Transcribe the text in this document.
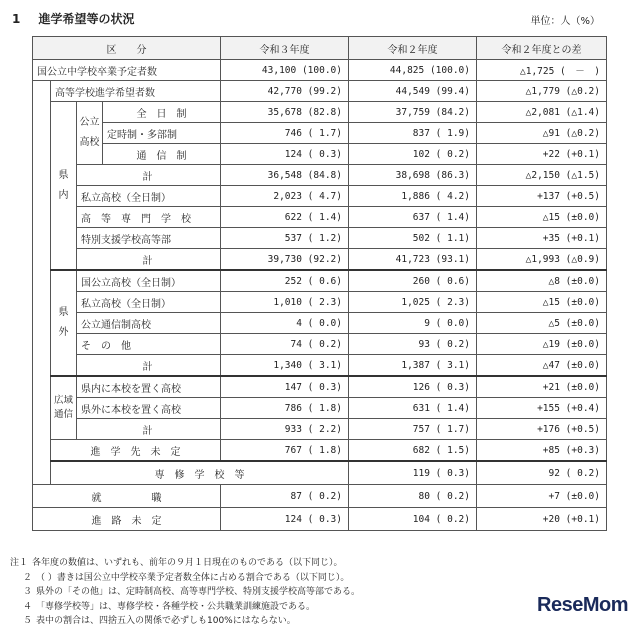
1 進学希望等の状況	単位：人（%）
区　　分				令和３年度	令和２年度	令和２年度との差	
国公立中学校卒業予定者数				43,100 (100.0)	44,825 (100.0)	△1,725 (　－　)	
	高等学校進学希望者数			42,770 (99.2)	44,549 (99.4)	△1,779 (△0.2)	
	県　　内	公立高校	全　日　制	35,678 (82.8)	37,759 (84.2)	△2,081 (△1.4)	
			定時制・多部制	746 ( 1.7)	837 ( 1.9)	△91 (△0.2)	
			通　信　制	124 ( 0.3)	102 ( 0.2)	+22 (+0.1)	
		計		36,548 (84.8)	38,698 (86.3)	△2,150 (△1.5)	
		私立高校（全日制）		2,023 ( 4.7)	1,886 ( 4.2)	+137 (+0.5)	
		高　等　専　門　学　校		622 ( 1.4)	637 ( 1.4)	△15 (±0.0)	
		特別支援学校高等部		537 ( 1.2)	502 ( 1.1)	+35 (+0.1)	
		計		39,730 (92.2)	41,723 (93.1)	△1,993 (△0.9)	
	県　外	国公立高校（全日制）		252 ( 0.6)	260 ( 0.6)	△8 (±0.0)	
		私立高校（全日制）		1,010 ( 2.3)	1,025 ( 2.3)	△15 (±0.0)	
		公立通信制高校		4 ( 0.0)	9 ( 0.0)	△5 (±0.0)	
		そ　の　他		74 ( 0.2)	93 ( 0.2)	△19 (±0.0)	
		計		1,340 ( 3.1)	1,387 ( 3.1)	△47 (±0.0)	
	広域通信	県内に本校を置く高校		147 ( 0.3)	126 ( 0.3)	+21 (±0.0)	
		県外に本校を置く高校		786 ( 1.8)	631 ( 1.4)	+155 (+0.4)	
		計		933 ( 2.2)	757 ( 1.7)	+176 (+0.5)	
	進　学　先　未　定			767 ( 1.8)	682 ( 1.5)	+85 (+0.3)	
	専　修　学　校　等				119 ( 0.3)	92 ( 0.2)	
就　　　　　職				87 ( 0.2)	80 ( 0.2)	+7 (±0.0)	
進　路　未　定				124 ( 0.3)	104 ( 0.2)	+20 (+0.1)	
注１ 各年度の数値は、いずれも、前年の９月１日現在のものである（以下同じ）。
２ （ ）書きは国公立中学校卒業予定者数全体に占める割合である（以下同じ）。
３ 県外の「その他」は、定時制高校、高等専門学校、特別支援学校高等部である。
４ 「専修学校等」は、専修学校・各種学校・公共職業訓練施設である。
５ 表中の割合は、四捨五入の関係で必ずしも100%にはならない。
ReseMom
